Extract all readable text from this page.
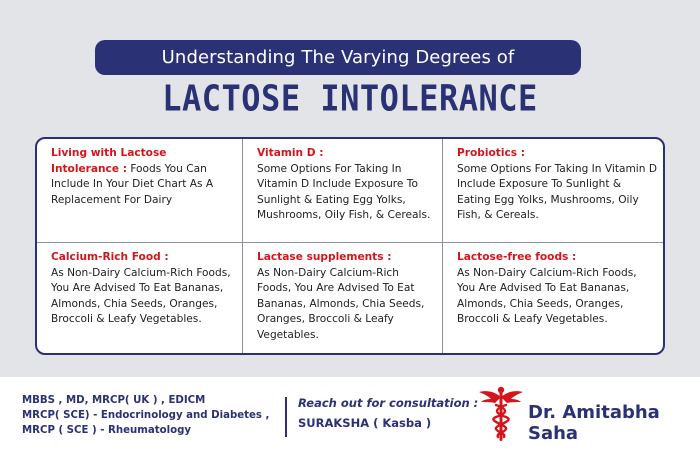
Understanding The Varying Degrees of
LACTOSE INTOLERANCE
Living with Lactose Intolerance : Foods You Can Include In Your Diet Chart As A Replacement For Dairy
Vitamin D :
Some Options For Taking In Vitamin D Include Exposure To Sunlight & Eating Egg Yolks, Mushrooms, Oily Fish, & Cereals.
Probiotics :
Some Options For Taking In Vitamin D Include Exposure To Sunlight & Eating Egg Yolks, Mushrooms, Oily Fish, & Cereals.
Calcium-Rich Food :
As Non-Dairy Calcium-Rich Foods, You Are Advised To Eat Bananas, Almonds, Chia Seeds, Oranges, Broccoli & Leafy Vegetables.
Lactase supplements :
As Non-Dairy Calcium-Rich Foods, You Are Advised To Eat Bananas, Almonds, Chia Seeds, Oranges, Broccoli & Leafy Vegetables.
Lactose-free foods :
As Non-Dairy Calcium-Rich Foods, You Are Advised To Eat Bananas, Almonds, Chia Seeds, Oranges, Broccoli & Leafy Vegetables.
MBBS , MD, MRCP( UK ) , EDICM
MRCP( SCE) - Endocrinology and Diabetes ,
MRCP ( SCE ) - Rheumatology
Reach out for consultation :
SURAKSHA ( Kasba )	Dr. Amitabha Saha
